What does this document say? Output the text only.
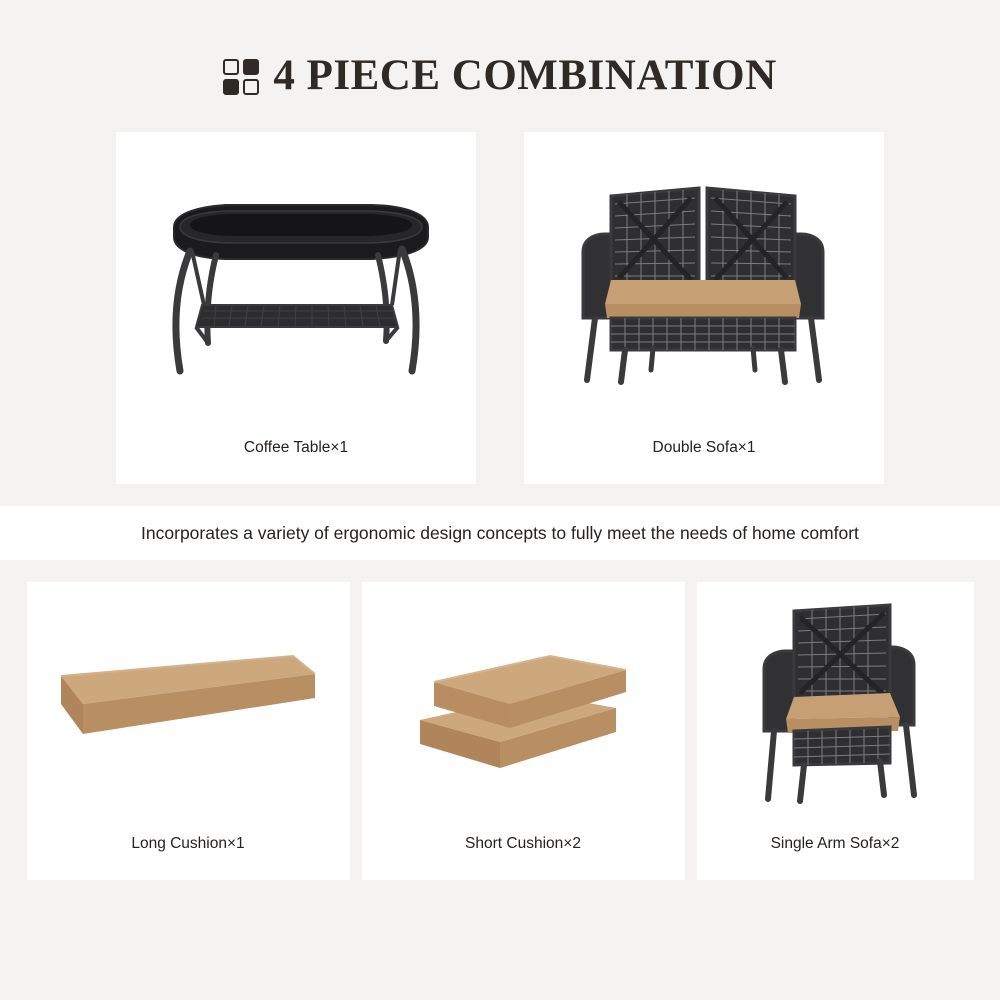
4 PIECE COMBINATION
Coffee Table×1	Double Sofa×1
Incorporates a variety of ergonomic design concepts to fully meet the needs of home comfort
Long Cushion×1	Short Cushion×2	Single Arm Sofa×2
